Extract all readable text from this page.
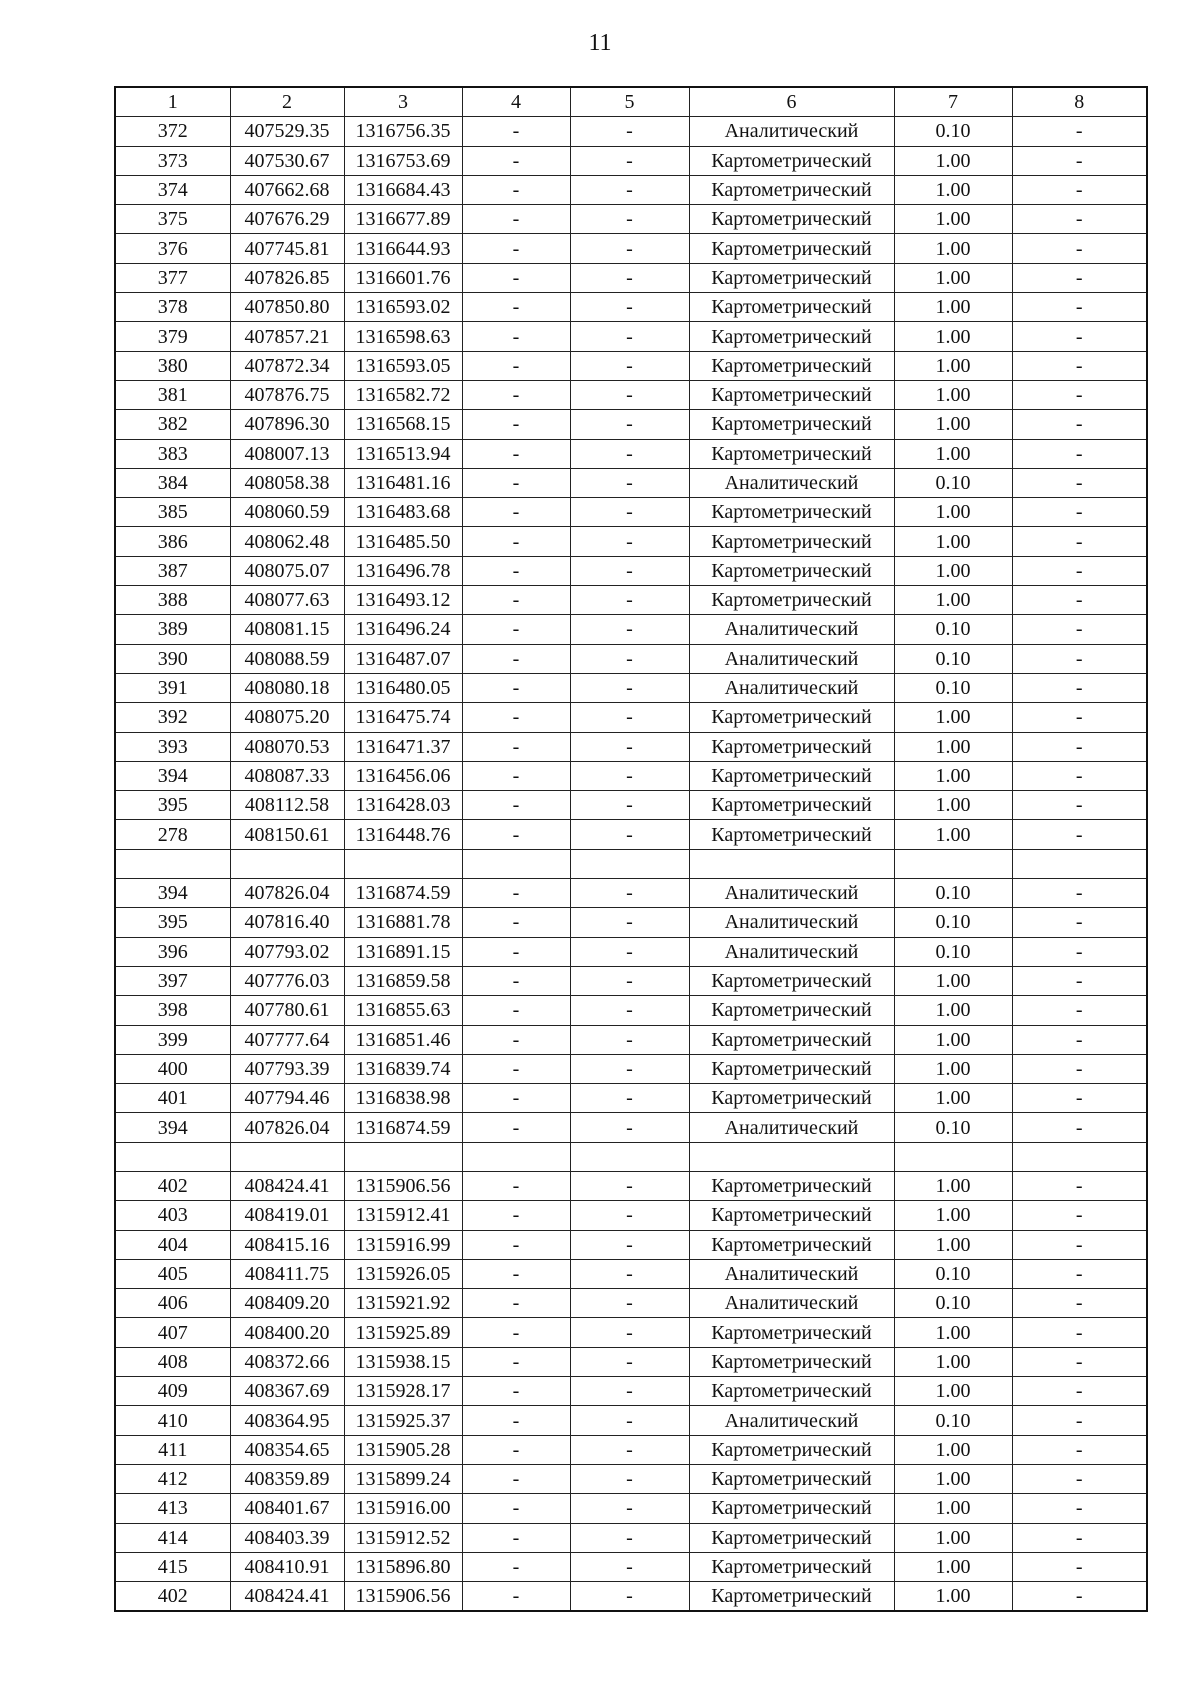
11
1	2	3	4	5	6	7	8
372	407529.35	1316756.35	-	-	Аналитический	0.10	-
373	407530.67	1316753.69	-	-	Картометрический	1.00	-
374	407662.68	1316684.43	-	-	Картометрический	1.00	-
375	407676.29	1316677.89	-	-	Картометрический	1.00	-
376	407745.81	1316644.93	-	-	Картометрический	1.00	-
377	407826.85	1316601.76	-	-	Картометрический	1.00	-
378	407850.80	1316593.02	-	-	Картометрический	1.00	-
379	407857.21	1316598.63	-	-	Картометрический	1.00	-
380	407872.34	1316593.05	-	-	Картометрический	1.00	-
381	407876.75	1316582.72	-	-	Картометрический	1.00	-
382	407896.30	1316568.15	-	-	Картометрический	1.00	-
383	408007.13	1316513.94	-	-	Картометрический	1.00	-
384	408058.38	1316481.16	-	-	Аналитический	0.10	-
385	408060.59	1316483.68	-	-	Картометрический	1.00	-
386	408062.48	1316485.50	-	-	Картометрический	1.00	-
387	408075.07	1316496.78	-	-	Картометрический	1.00	-
388	408077.63	1316493.12	-	-	Картометрический	1.00	-
389	408081.15	1316496.24	-	-	Аналитический	0.10	-
390	408088.59	1316487.07	-	-	Аналитический	0.10	-
391	408080.18	1316480.05	-	-	Аналитический	0.10	-
392	408075.20	1316475.74	-	-	Картометрический	1.00	-
393	408070.53	1316471.37	-	-	Картометрический	1.00	-
394	408087.33	1316456.06	-	-	Картометрический	1.00	-
395	408112.58	1316428.03	-	-	Картометрический	1.00	-
278	408150.61	1316448.76	-	-	Картометрический	1.00	-

394	407826.04	1316874.59	-	-	Аналитический	0.10	-
395	407816.40	1316881.78	-	-	Аналитический	0.10	-
396	407793.02	1316891.15	-	-	Аналитический	0.10	-
397	407776.03	1316859.58	-	-	Картометрический	1.00	-
398	407780.61	1316855.63	-	-	Картометрический	1.00	-
399	407777.64	1316851.46	-	-	Картометрический	1.00	-
400	407793.39	1316839.74	-	-	Картометрический	1.00	-
401	407794.46	1316838.98	-	-	Картометрический	1.00	-
394	407826.04	1316874.59	-	-	Аналитический	0.10	-

402	408424.41	1315906.56	-	-	Картометрический	1.00	-
403	408419.01	1315912.41	-	-	Картометрический	1.00	-
404	408415.16	1315916.99	-	-	Картометрический	1.00	-
405	408411.75	1315926.05	-	-	Аналитический	0.10	-
406	408409.20	1315921.92	-	-	Аналитический	0.10	-
407	408400.20	1315925.89	-	-	Картометрический	1.00	-
408	408372.66	1315938.15	-	-	Картометрический	1.00	-
409	408367.69	1315928.17	-	-	Картометрический	1.00	-
410	408364.95	1315925.37	-	-	Аналитический	0.10	-
411	408354.65	1315905.28	-	-	Картометрический	1.00	-
412	408359.89	1315899.24	-	-	Картометрический	1.00	-
413	408401.67	1315916.00	-	-	Картометрический	1.00	-
414	408403.39	1315912.52	-	-	Картометрический	1.00	-
415	408410.91	1315896.80	-	-	Картометрический	1.00	-
402	408424.41	1315906.56	-	-	Картометрический	1.00	-
